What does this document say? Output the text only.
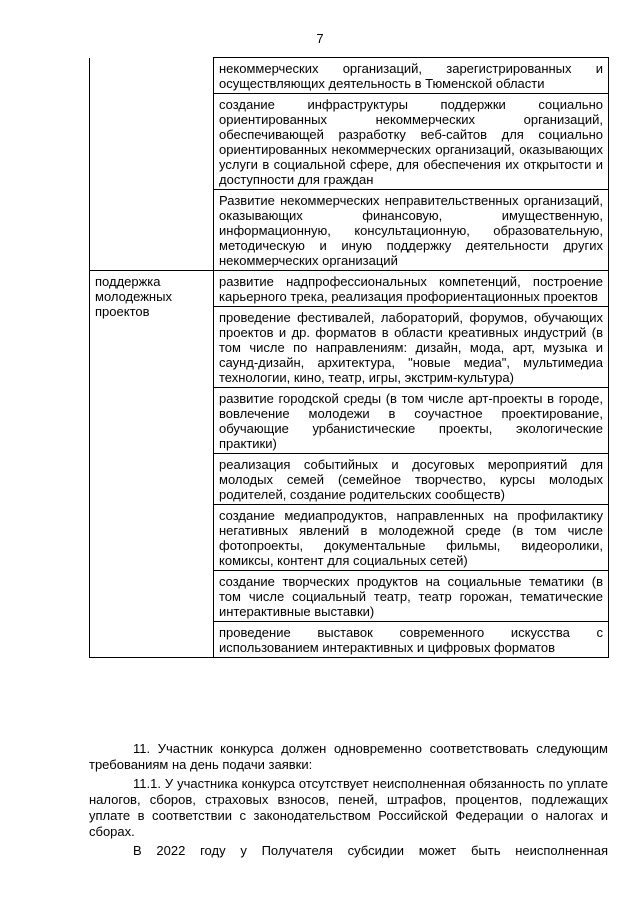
7
	некоммерческих организаций, зарегистрированных и осуществляющих деятельность в Тюменской области
	создание инфраструктуры поддержки социально ориентированных некоммерческих организаций, обеспечивающей разработку веб-сайтов для социально ориентированных некоммерческих организаций, оказывающих услуги в социальной сфере, для обеспечения их открытости и доступности для граждан
	Развитие некоммерческих неправительственных организаций, оказывающих финансовую, имущественную, информационную, консультационную, образовательную, методическую и иную поддержку деятельности других некоммерческих организаций
поддержка молодежных проектов	развитие надпрофессиональных компетенций, построение карьерного трека, реализация профориентационных проектов
	проведение фестивалей, лабораторий, форумов, обучающих проектов и др. форматов в области креативных индустрий (в том числе по направлениям: дизайн, мода, арт, музыка и саунд-дизайн, архитектура, "новые медиа", мультимедиа технологии, кино, театр, игры, экстрим-культура)
	развитие городской среды (в том числе арт-проекты в городе, вовлечение молодежи в соучастное проектирование, обучающие урбанистические проекты, экологические практики)
	реализация событийных и досуговых мероприятий для молодых семей (семейное творчество, курсы молодых родителей, создание родительских сообществ)
	создание медиапродуктов, направленных на профилактику негативных явлений в молодежной среде (в том числе фотопроекты, документальные фильмы, видеоролики, комиксы, контент для социальных сетей)
	создание творческих продуктов на социальные тематики (в том числе социальный театр, театр горожан, тематические интерактивные выставки)
	проведение выставок современного искусства с использованием интерактивных и цифровых форматов

11. Участник конкурса должен одновременно соответствовать следующим требованиям на день подачи заявки:

11.1. У участника конкурса отсутствует неисполненная обязанность по уплате налогов, сборов, страховых взносов, пеней, штрафов, процентов, подлежащих уплате в соответствии с законодательством Российской Федерации о налогах и сборах.

В 2022 году у Получателя субсидии может быть неисполненная
